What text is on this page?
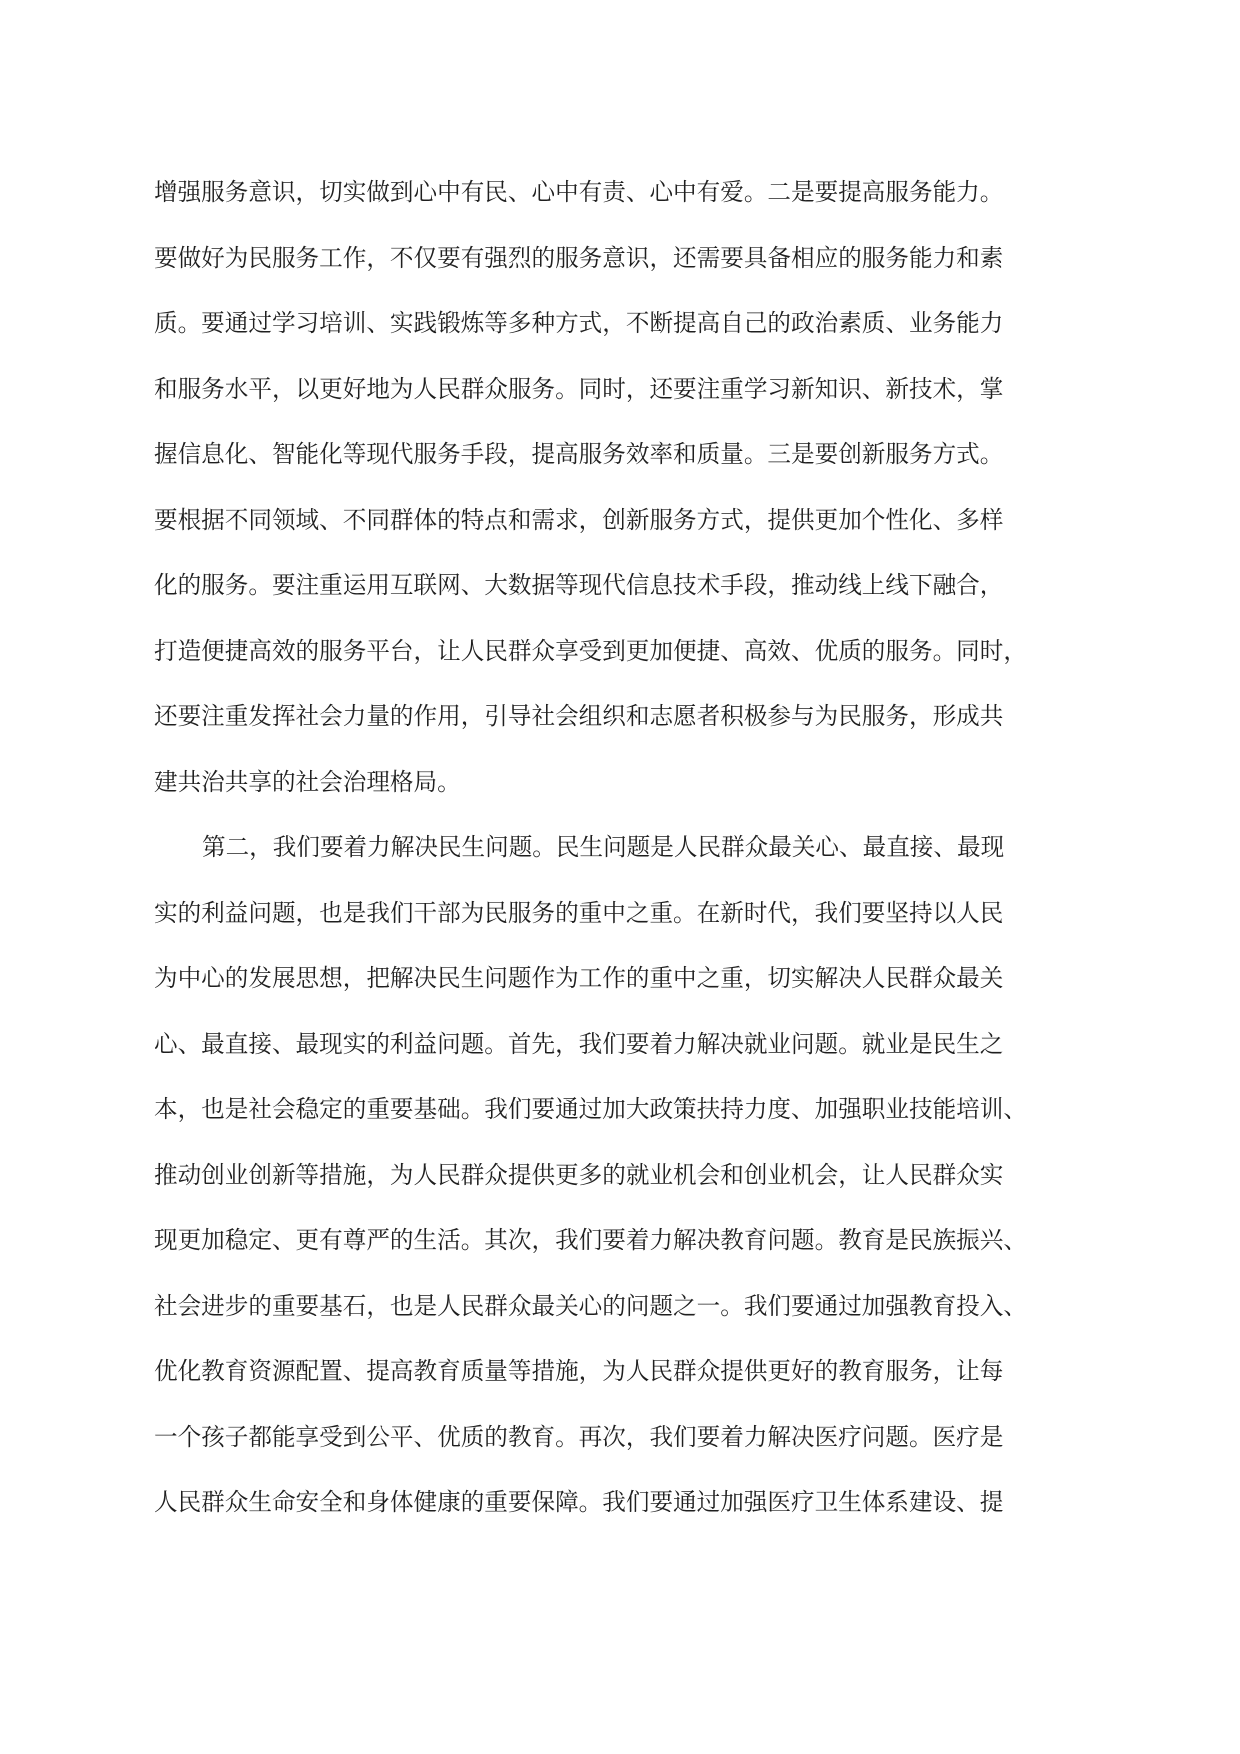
增强服务意识，切实做到心中有民、心中有责、心中有爱。二是要提高服务能力。
要做好为民服务工作，不仅要有强烈的服务意识，还需要具备相应的服务能力和素
质。要通过学习培训、实践锻炼等多种方式，不断提高自己的政治素质、业务能力
和服务水平，以更好地为人民群众服务。同时，还要注重学习新知识、新技术，掌
握信息化、智能化等现代服务手段，提高服务效率和质量。三是要创新服务方式。
要根据不同领域、不同群体的特点和需求，创新服务方式，提供更加个性化、多样
化的服务。要注重运用互联网、大数据等现代信息技术手段，推动线上线下融合，
打造便捷高效的服务平台，让人民群众享受到更加便捷、高效、优质的服务。同时，
还要注重发挥社会力量的作用，引导社会组织和志愿者积极参与为民服务，形成共
建共治共享的社会治理格局。
第二，我们要着力解决民生问题。民生问题是人民群众最关心、最直接、最现
实的利益问题，也是我们干部为民服务的重中之重。在新时代，我们要坚持以人民
为中心的发展思想，把解决民生问题作为工作的重中之重，切实解决人民群众最关
心、最直接、最现实的利益问题。首先，我们要着力解决就业问题。就业是民生之
本，也是社会稳定的重要基础。我们要通过加大政策扶持力度、加强职业技能培训、
推动创业创新等措施，为人民群众提供更多的就业机会和创业机会，让人民群众实
现更加稳定、更有尊严的生活。其次，我们要着力解决教育问题。教育是民族振兴、
社会进步的重要基石，也是人民群众最关心的问题之一。我们要通过加强教育投入、
优化教育资源配置、提高教育质量等措施，为人民群众提供更好的教育服务，让每
一个孩子都能享受到公平、优质的教育。再次，我们要着力解决医疗问题。医疗是
人民群众生命安全和身体健康的重要保障。我们要通过加强医疗卫生体系建设、提
